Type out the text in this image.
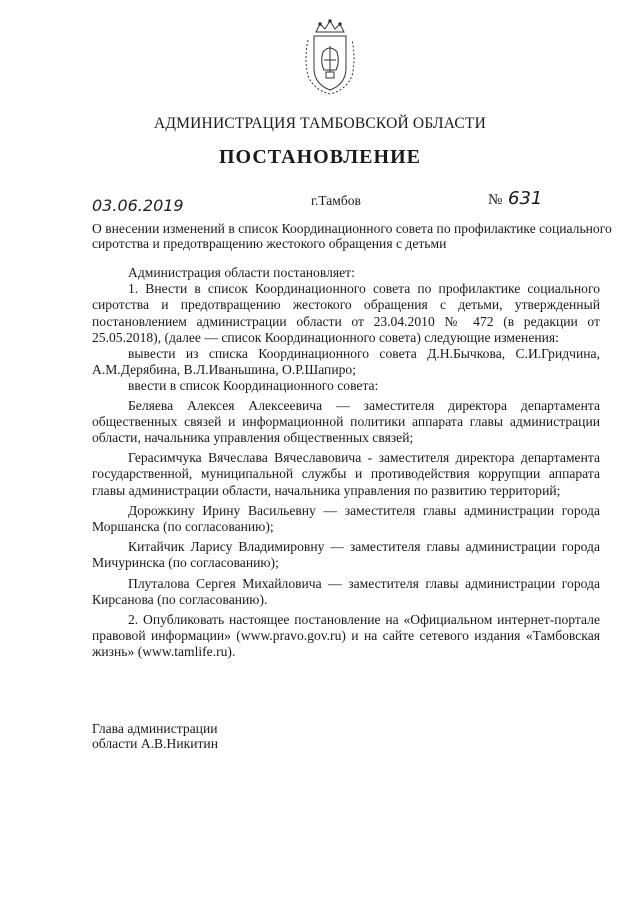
АДМИНИСТРАЦИЯ ТАМБОВСКОЙ ОБЛАСТИ
ПОСТАНОВЛЕНИЕ
03.06.2019	г.Тамбов	№ 631
О внесении изменений в список Координационного совета по профилактике социального сиротства и предотвращению жестокого обращения с детьми

Администрация области постановляет:

1. Внести в список Координационного совета по профилактике социального сиротства и предотвращению жестокого обращения с детьми, утвержденный постановлением администрации области от 23.04.2010 № 472 (в редакции от 25.05.2018), (далее — список Координационного совета) следующие изменения:

вывести из списка Координационного совета Д.Н.Бычкова, С.И.Гридчина, А.М.Дерябина, В.Л.Иваньшина, О.Р.Шапиро;

ввести в список Координационного совета:

Беляева Алексея Алексеевича — заместителя директора департамента общественных связей и информационной политики аппарата главы администрации области, начальника управления общественных связей;

Герасимчука Вячеслава Вячеславовича - заместителя директора департамента государственной, муниципальной службы и противодействия коррупции аппарата главы администрации области, начальника управления по развитию территорий;

Дорожкину Ирину Васильевну — заместителя главы администрации города Моршанска (по согласованию);

Китайчик Ларису Владимировну — заместителя главы администрации города Мичуринска (по согласованию);

Плуталова Сергея Михайловича — заместителя главы администрации города Кирсанова (по согласованию).

2. Опубликовать настоящее постановление на «Официальном интернет-портале правовой информации» (www.pravo.gov.ru) и на сайте сетевого издания «Тамбовская жизнь» (www.tamlife.ru).

Глава администрации
области А.В.Никитин
